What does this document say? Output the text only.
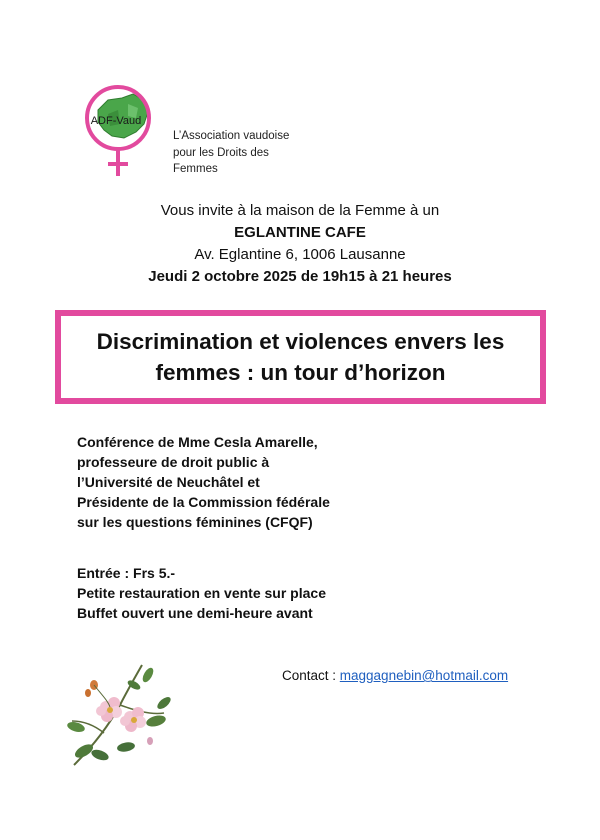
ADF-Vaud
L’Association vaudoise
pour les Droits des
Femmes
Vous invite à la maison de la Femme à un
EGLANTINE CAFE
Av. Eglantine 6, 1006 Lausanne
Jeudi 2 octobre 2025 de 19h15 à 21 heures
Discrimination et violences envers les
femmes : un tour d’horizon
Conférence de Mme Cesla Amarelle,
professeure de droit public à
l’Université de Neuchâtel et
Présidente de la Commission fédérale
sur les questions féminines (CFQF)
Entrée : Frs 5.-
Petite restauration en vente sur place
Buffet ouvert une demi-heure avant
Contact : maggagnebin@hotmail.com
